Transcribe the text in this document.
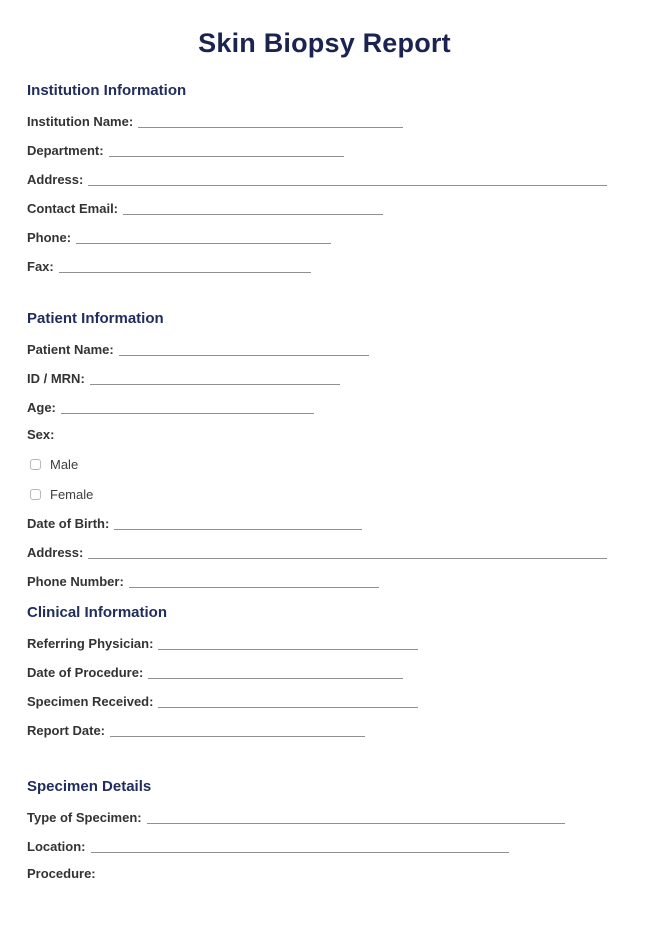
Skin Biopsy Report
Institution Information
Institution Name:
Department:
Address:
Contact Email:
Phone:
Fax:
Patient Information
Patient Name:
ID / MRN:
Age:
Sex:
Male
Female
Date of Birth:
Address:
Phone Number:
Clinical Information
Referring Physician:
Date of Procedure:
Specimen Received:
Report Date:
Specimen Details
Type of Specimen:
Location:
Procedure:
